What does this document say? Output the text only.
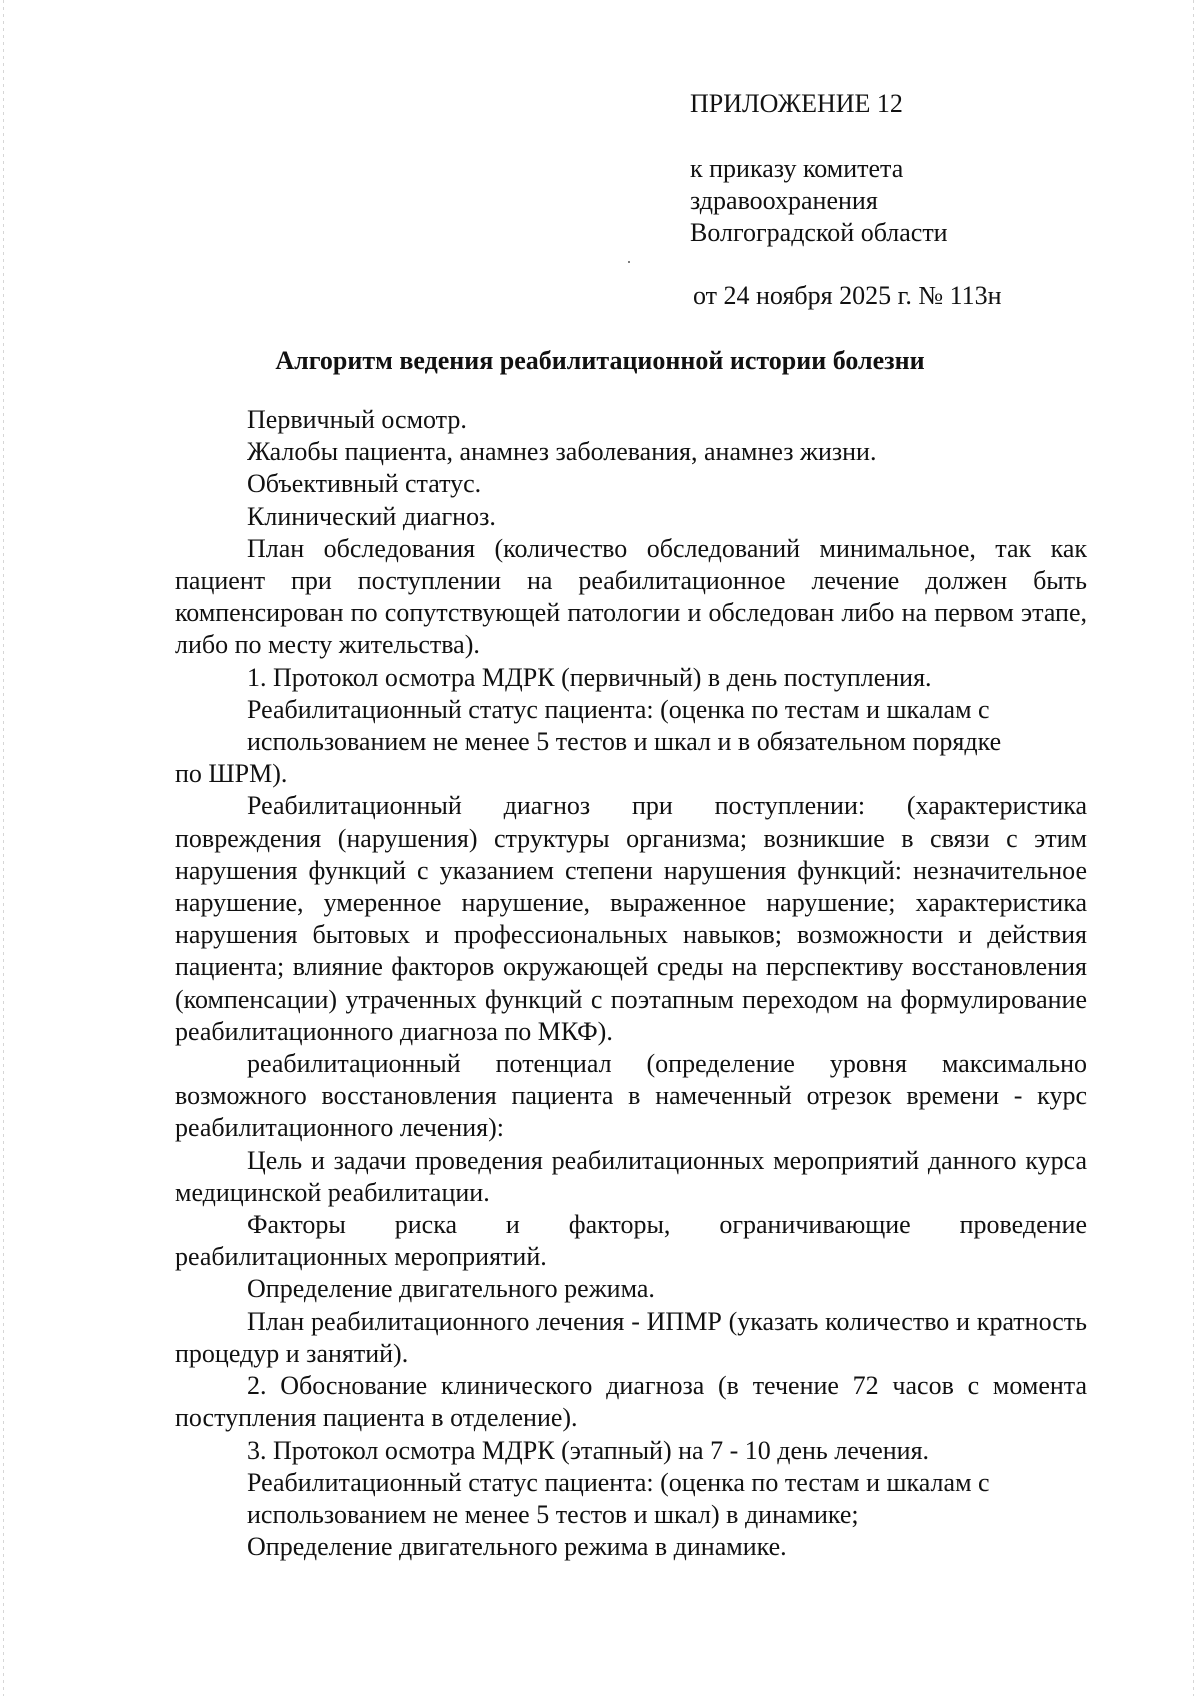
ПРИЛОЖЕНИЕ 12
к приказу комитета
здравоохранения
Волгоградской области
от 24 ноября 2025 г. № 113н
Алгоритм ведения реабилитационной истории болезни

Первичный осмотр.

Жалобы пациента, анамнез заболевания, анамнез жизни.

Объективный статус.

Клинический диагноз.

План обследования (количество обследований минимальное, так как пациент при поступлении на реабилитационное лечение должен быть компенсирован по сопутствующей патологии и обследован либо на первом этапе, либо по месту жительства).

1. Протокол осмотра МДРК (первичный) в день поступления.

Реабилитационный статус пациента: (оценка по тестам и шкалам с

использованием не менее 5 тестов и шкал и в обязательном порядке

по ШРМ).

Реабилитационный диагноз при поступлении: (характеристика повреждения (нарушения) структуры организма; возникшие в связи с этим нарушения функций с указанием степени нарушения функций: незначительное нарушение, умеренное нарушение, выраженное нарушение; характеристика нарушения бытовых и профессиональных навыков; возможности и действия пациента; влияние факторов окружающей среды на перспективу восстановления (компенсации) утраченных функций с поэтапным переходом на формулирование реабилитационного диагноза по МКФ).

реабилитационный потенциал (определение уровня максимально возможного восстановления пациента в намеченный отрезок времени - курс реабилитационного лечения):

Цель и задачи проведения реабилитационных мероприятий данного курса медицинской реабилитации.

Факторы риска и факторы, ограничивающие проведение реабилитационных мероприятий.

Определение двигательного режима.

План реабилитационного лечения - ИПМР (указать количество и кратность процедур и занятий).

2. Обоснование клинического диагноза (в течение 72 часов с момента поступления пациента в отделение).

3. Протокол осмотра МДРК (этапный) на 7 - 10 день лечения.

Реабилитационный статус пациента: (оценка по тестам и шкалам с

использованием не менее 5 тестов и шкал) в динамике;

Определение двигательного режима в динамике.
